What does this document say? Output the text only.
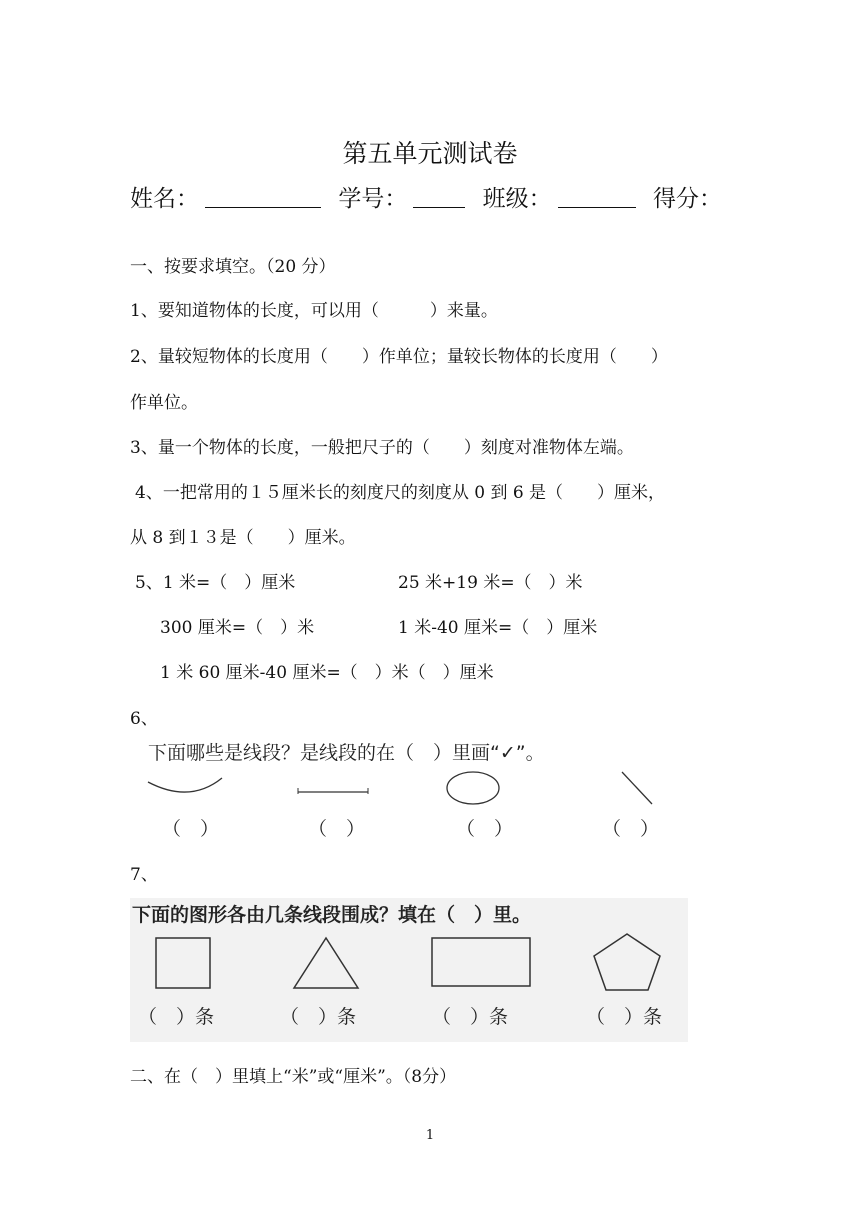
第五单元测试卷
姓名：	学号：	班级：	得分：
一、按要求填空。（20 分）
1、要知道物体的长度，可以用（　　　）来量。
2、量较短物体的长度用（　　）作单位；量较长物体的长度用（　　）
作单位。
3、量一个物体的长度，一般把尺子的（　　）刻度对准物体左端。
4、一把常用的１５厘米长的刻度尺的刻度从 0 到 6 是（　　）厘米，
从 8 到１３是（　　）厘米。
5、1 米=（　）厘米	25 米+19 米=（　）米
300 厘米=（　）米	1 米-40 厘米=（　）厘米
1 米 60 厘米-40 厘米=（　）米（　）厘米
6、
下面哪些是线段？是线段的在（　）里画“✓”。
（　）	（　）	（　）	（　）
7、
下面的图形各由几条线段围成？填在（　）里。
（　）条	（　）条	（　）条	（　）条
二、在（　）里填上“米”或“厘米”。（8分）
1
